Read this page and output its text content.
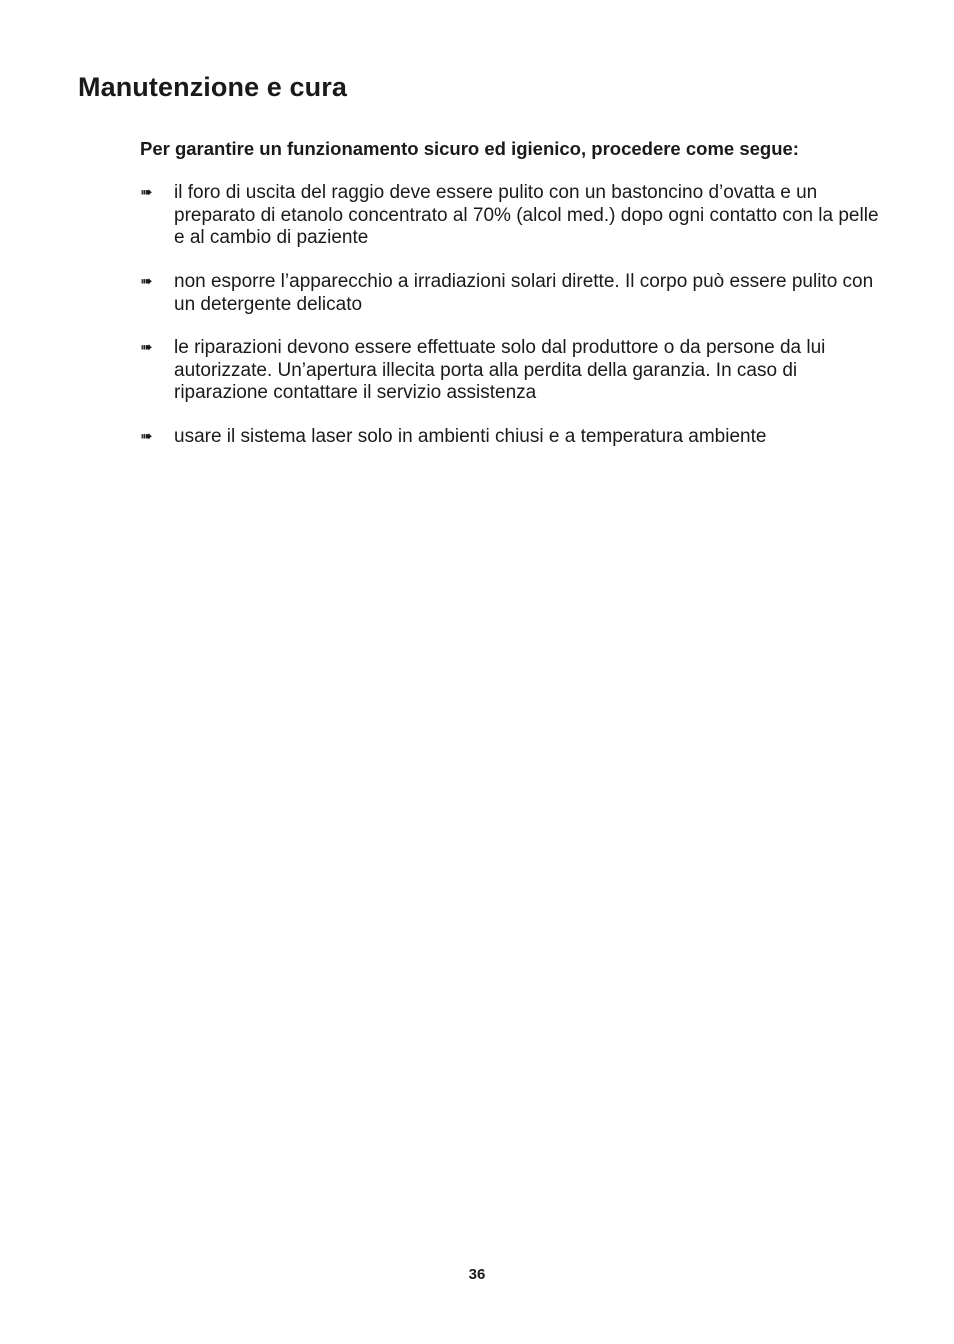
Manutenzione e cura

Per garantire un funzionamento sicuro ed igienico, procedere come segue:

➠	il foro di uscita del raggio deve essere pulito con un bastoncino d’ovatta e un preparato di etanolo concentrato al 70% (alcol med.) dopo ogni contatto con la pelle e al cambio di paziente
➠	non esporre l’apparecchio a irradiazioni solari dirette. Il corpo può essere pulito con un detergente delicato
➠	le riparazioni devono essere effettuate solo dal produttore o da persone da lui autorizzate. Un’apertura illecita porta alla perdita della garanzia. In caso di riparazione contattare il servizio assistenza
➠	usare il sistema laser solo in ambienti chiusi e a temperatura ambiente
36
